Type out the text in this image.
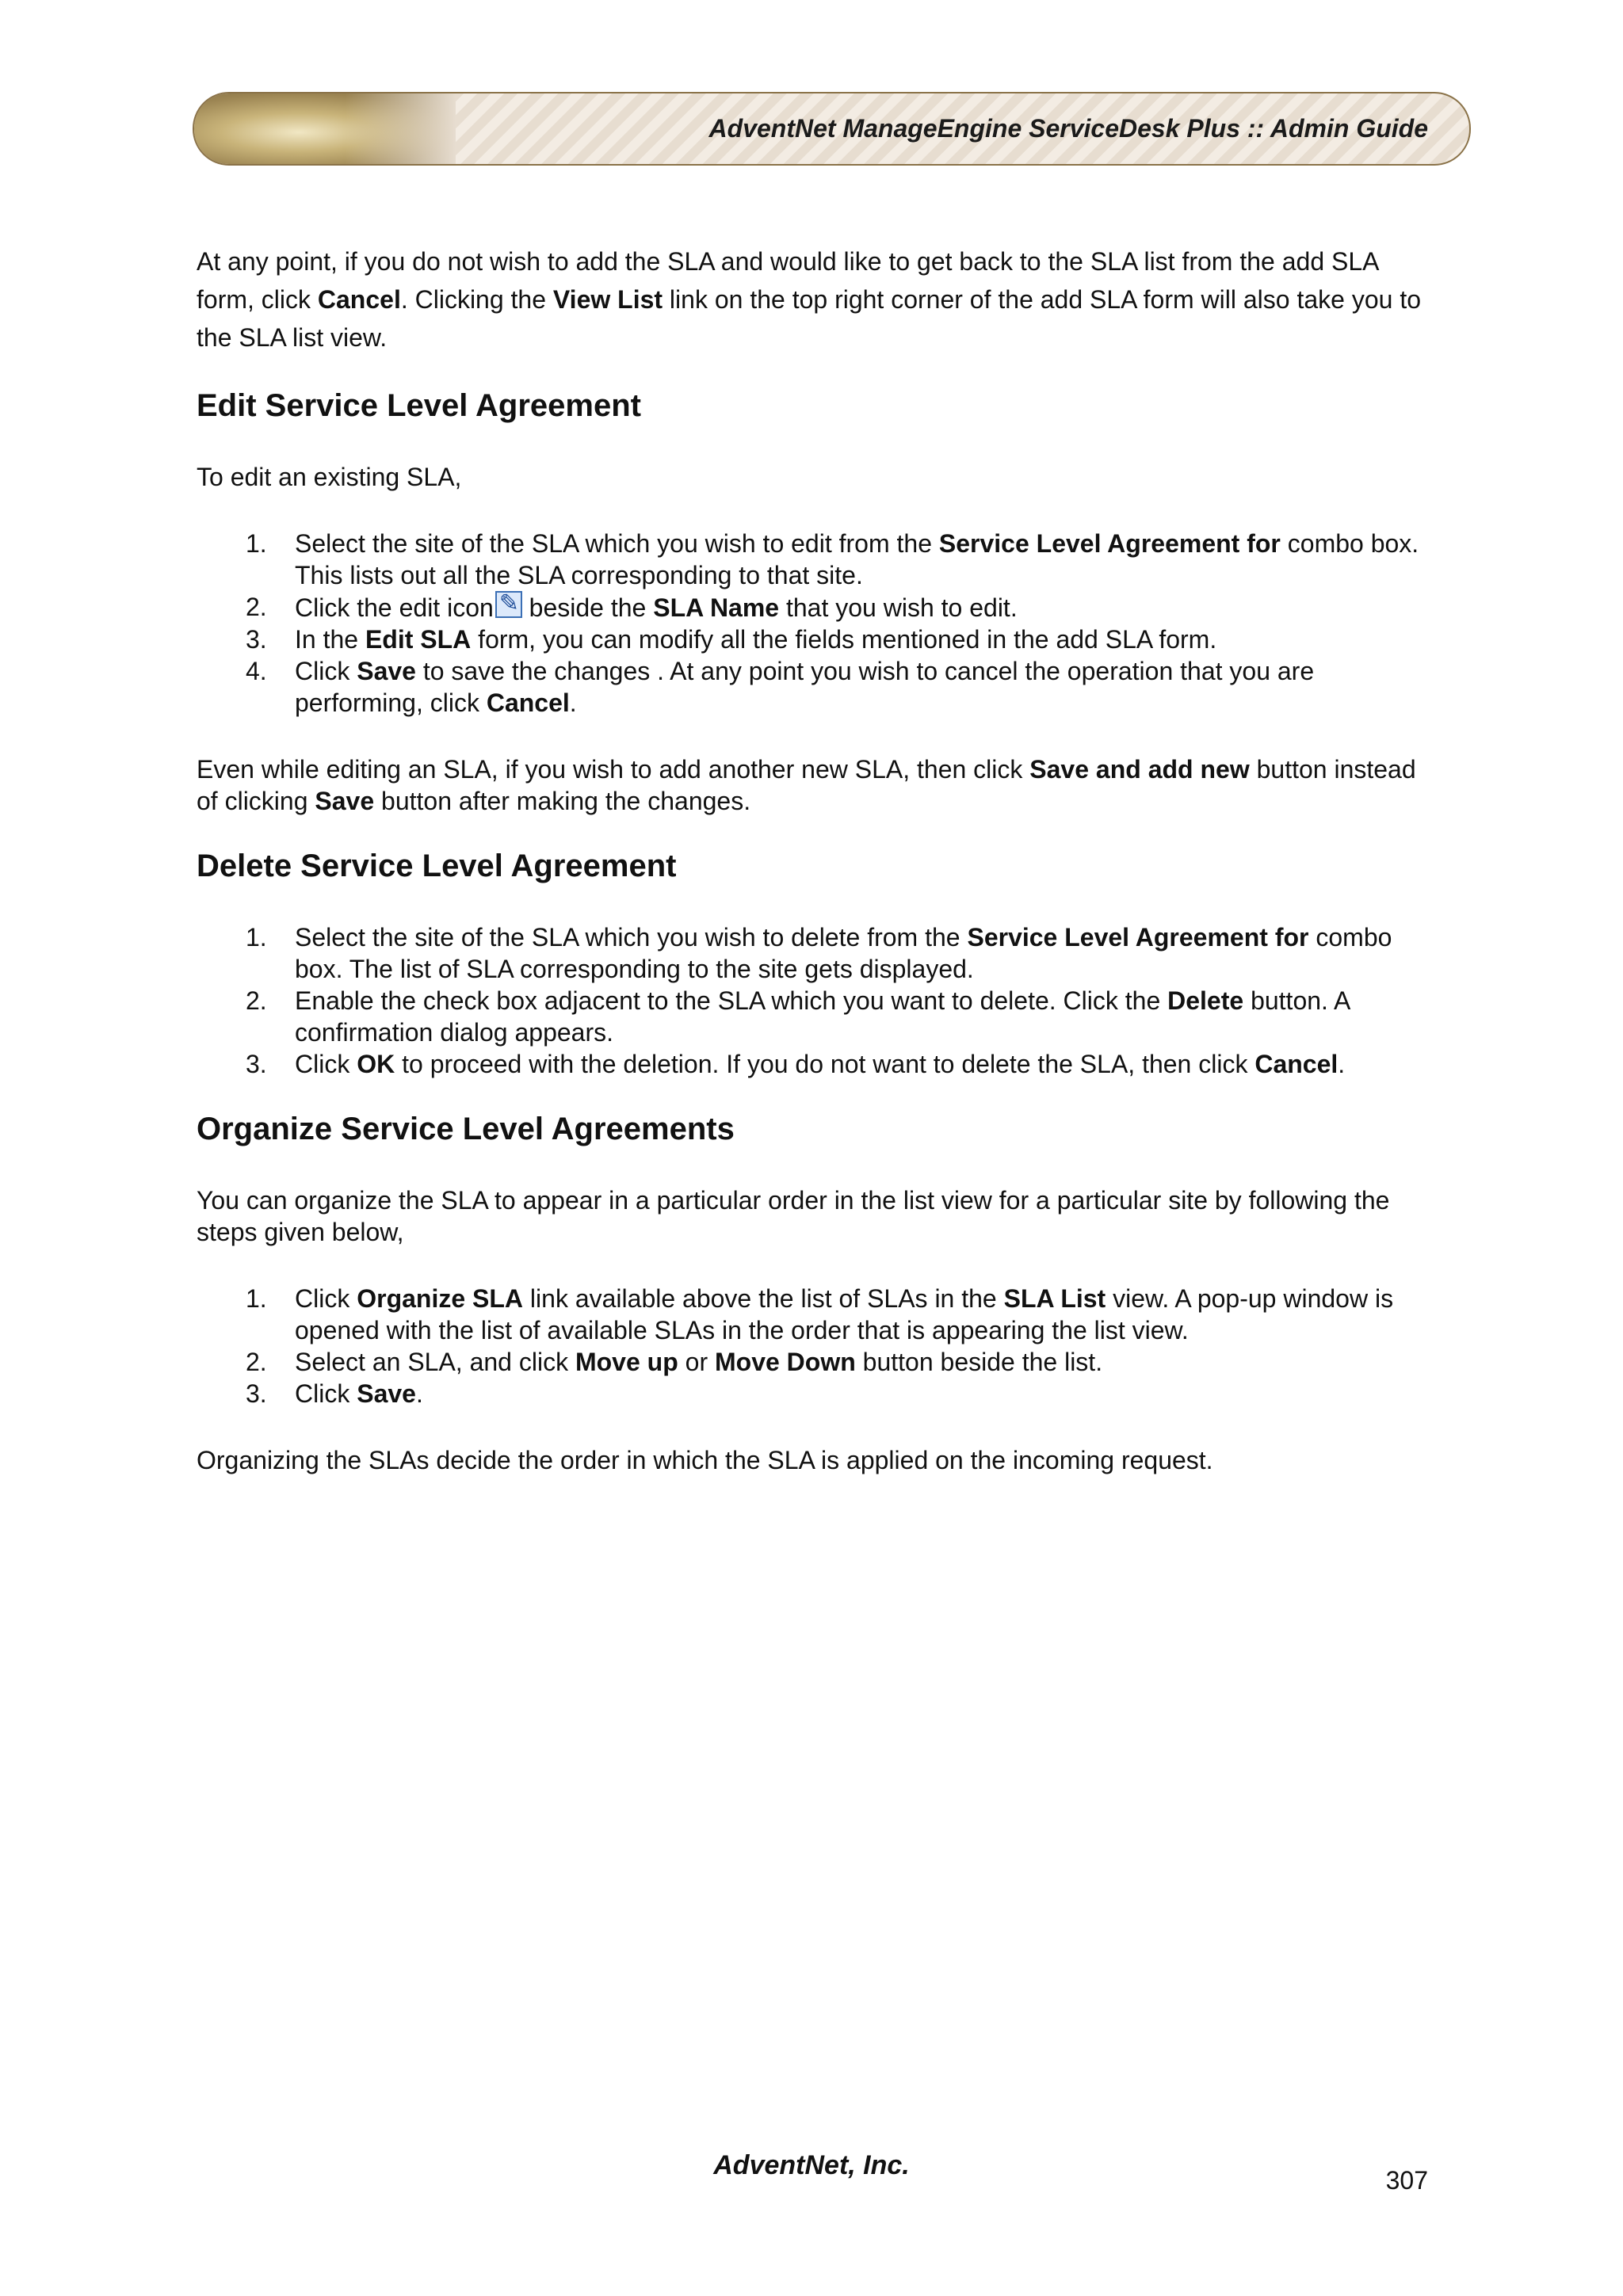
AdventNet ManageEngine ServiceDesk Plus :: Admin Guide

At any point, if you do not wish to add the SLA and would like to get back to the SLA list from the add SLA form, click Cancel. Clicking the View List link on the top right corner of the add SLA form will also take you to the SLA list view.

Edit Service Level Agreement

To edit an existing SLA,

1. Select the site of the SLA which you wish to edit from the Service Level Agreement for combo box. This lists out all the SLA corresponding to that site.
2. Click the edit icon✎ beside the SLA Name that you wish to edit.
3. In the Edit SLA form, you can modify all the fields mentioned in the add SLA form.
4. Click Save to save the changes . At any point you wish to cancel the operation that you are performing, click Cancel.

Even while editing an SLA, if you wish to add another new SLA, then click Save and add new button instead of clicking Save button after making the changes.

Delete Service Level Agreement
1. Select the site of the SLA which you wish to delete from the Service Level Agreement for combo box. The list of SLA corresponding to the site gets displayed.
2. Enable the check box adjacent to the SLA which you want to delete. Click the Delete button. A confirmation dialog appears.
3. Click OK to proceed with the deletion. If you do not want to delete the SLA, then click Cancel.
Organize Service Level Agreements

You can organize the SLA to appear in a particular order in the list view for a particular site by following the steps given below,

1. Click Organize SLA link available above the list of SLAs in the SLA List view. A pop-up window is opened with the list of available SLAs in the order that is appearing the list view.
2. Select an SLA, and click Move up or Move Down button beside the list.
3. Click Save.

Organizing the SLAs decide the order in which the SLA is applied on the incoming request.

AdventNet, Inc.	307
